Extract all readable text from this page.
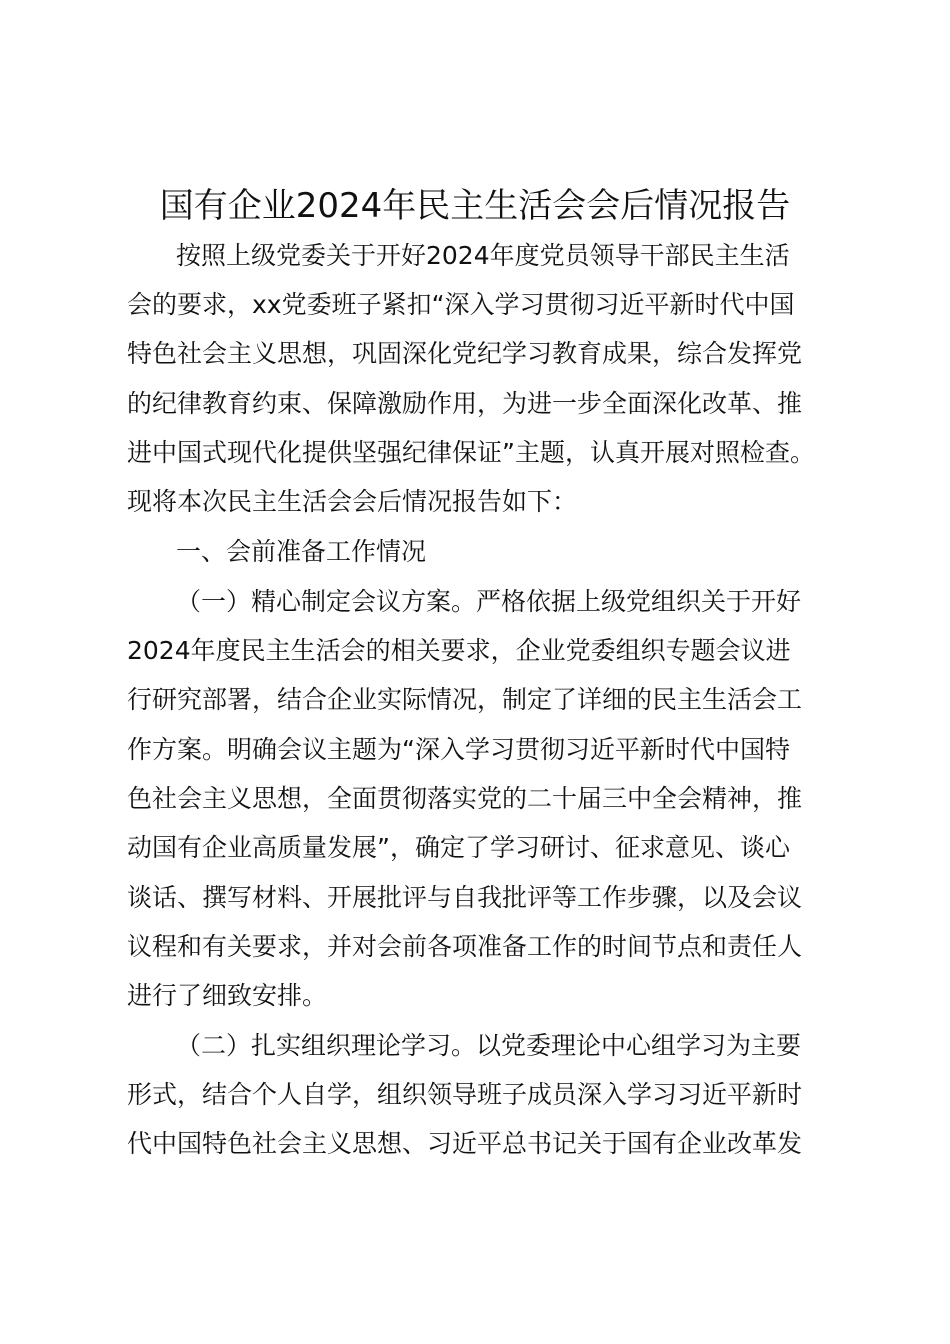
国有企业2024年民主生活会会后情况报告
按照上级党委关于开好2024年度党员领导干部民主生活
会的要求，xx党委班子紧扣“深入学习贯彻习近平新时代中国
特色社会主义思想，巩固深化党纪学习教育成果，综合发挥党
的纪律教育约束、保障激励作用，为进一步全面深化改革、推
进中国式现代化提供坚强纪律保证”主题，认真开展对照检查。
现将本次民主生活会会后情况报告如下：
一、会前准备工作情况
（一）精心制定会议方案。严格依据上级党组织关于开好
2024年度民主生活会的相关要求，企业党委组织专题会议进
行研究部署，结合企业实际情况，制定了详细的民主生活会工
作方案。明确会议主题为“深入学习贯彻习近平新时代中国特
色社会主义思想，全面贯彻落实党的二十届三中全会精神，推
动国有企业高质量发展”，确定了学习研讨、征求意见、谈心
谈话、撰写材料、开展批评与自我批评等工作步骤，以及会议
议程和有关要求，并对会前各项准备工作的时间节点和责任人
进行了细致安排。
（二）扎实组织理论学习。以党委理论中心组学习为主要
形式，结合个人自学，组织领导班子成员深入学习习近平新时
代中国特色社会主义思想、习近平总书记关于国有企业改革发
